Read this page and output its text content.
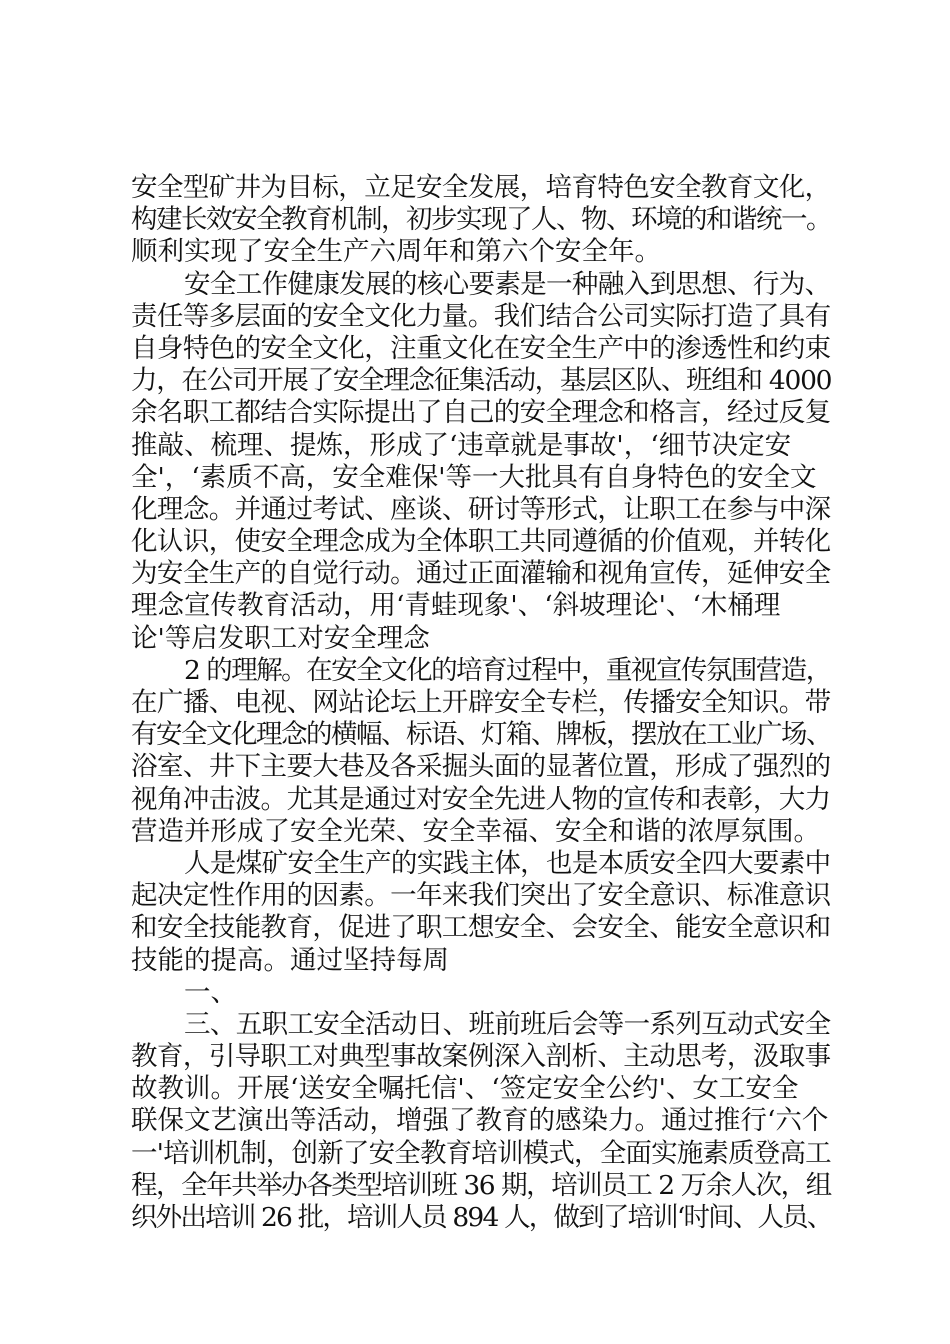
安全型矿井为目标，立足安全发展，培育特色安全教育文化，
构建长效安全教育机制，初步实现了人、物、环境的和谐统一。
顺利实现了安全生产六周年和第六个安全年。
安全工作健康发展的核心要素是一种融入到思想、行为、
责任等多层面的安全文化力量。我们结合公司实际打造了具有
自身特色的安全文化，注重文化在安全生产中的渗透性和约束
力，在公司开展了安全理念征集活动，基层区队、班组和 4000
余名职工都结合实际提出了自己的安全理念和格言，经过反复
推敲、梳理、提炼，形成了‘违章就是事故'，‘细节决定安
全'，‘素质不高，安全难保'等一大批具有自身特色的安全文
化理念。并通过考试、座谈、研讨等形式，让职工在参与中深
化认识，使安全理念成为全体职工共同遵循的价值观，并转化
为安全生产的自觉行动。通过正面灌输和视角宣传，延伸安全
理念宣传教育活动，用‘青蛙现象'、‘斜坡理论'、‘木桶理
论'等启发职工对安全理念
2 的理解。在安全文化的培育过程中，重视宣传氛围营造，
在广播、电视、网站论坛上开辟安全专栏，传播安全知识。带
有安全文化理念的横幅、标语、灯箱、牌板，摆放在工业广场、
浴室、井下主要大巷及各采掘头面的显著位置，形成了强烈的
视角冲击波。尤其是通过对安全先进人物的宣传和表彰，大力
营造并形成了安全光荣、安全幸福、安全和谐的浓厚氛围。
人是煤矿安全生产的实践主体，也是本质安全四大要素中
起决定性作用的因素。一年来我们突出了安全意识、标准意识
和安全技能教育，促进了职工想安全、会安全、能安全意识和
技能的提高。通过坚持每周
一、
三、五职工安全活动日、班前班后会等一系列互动式安全
教育，引导职工对典型事故案例深入剖析、主动思考，汲取事
故教训。开展‘送安全嘱托信'、‘签定安全公约'、女工安全
联保文艺演出等活动，增强了教育的感染力。通过推行‘六个
一'培训机制，创新了安全教育培训模式，全面实施素质登高工
程，全年共举办各类型培训班 36 期，培训员工 2 万余人次，组
织外出培训 26 批，培训人员 894 人，做到了培训‘时间、人员、
